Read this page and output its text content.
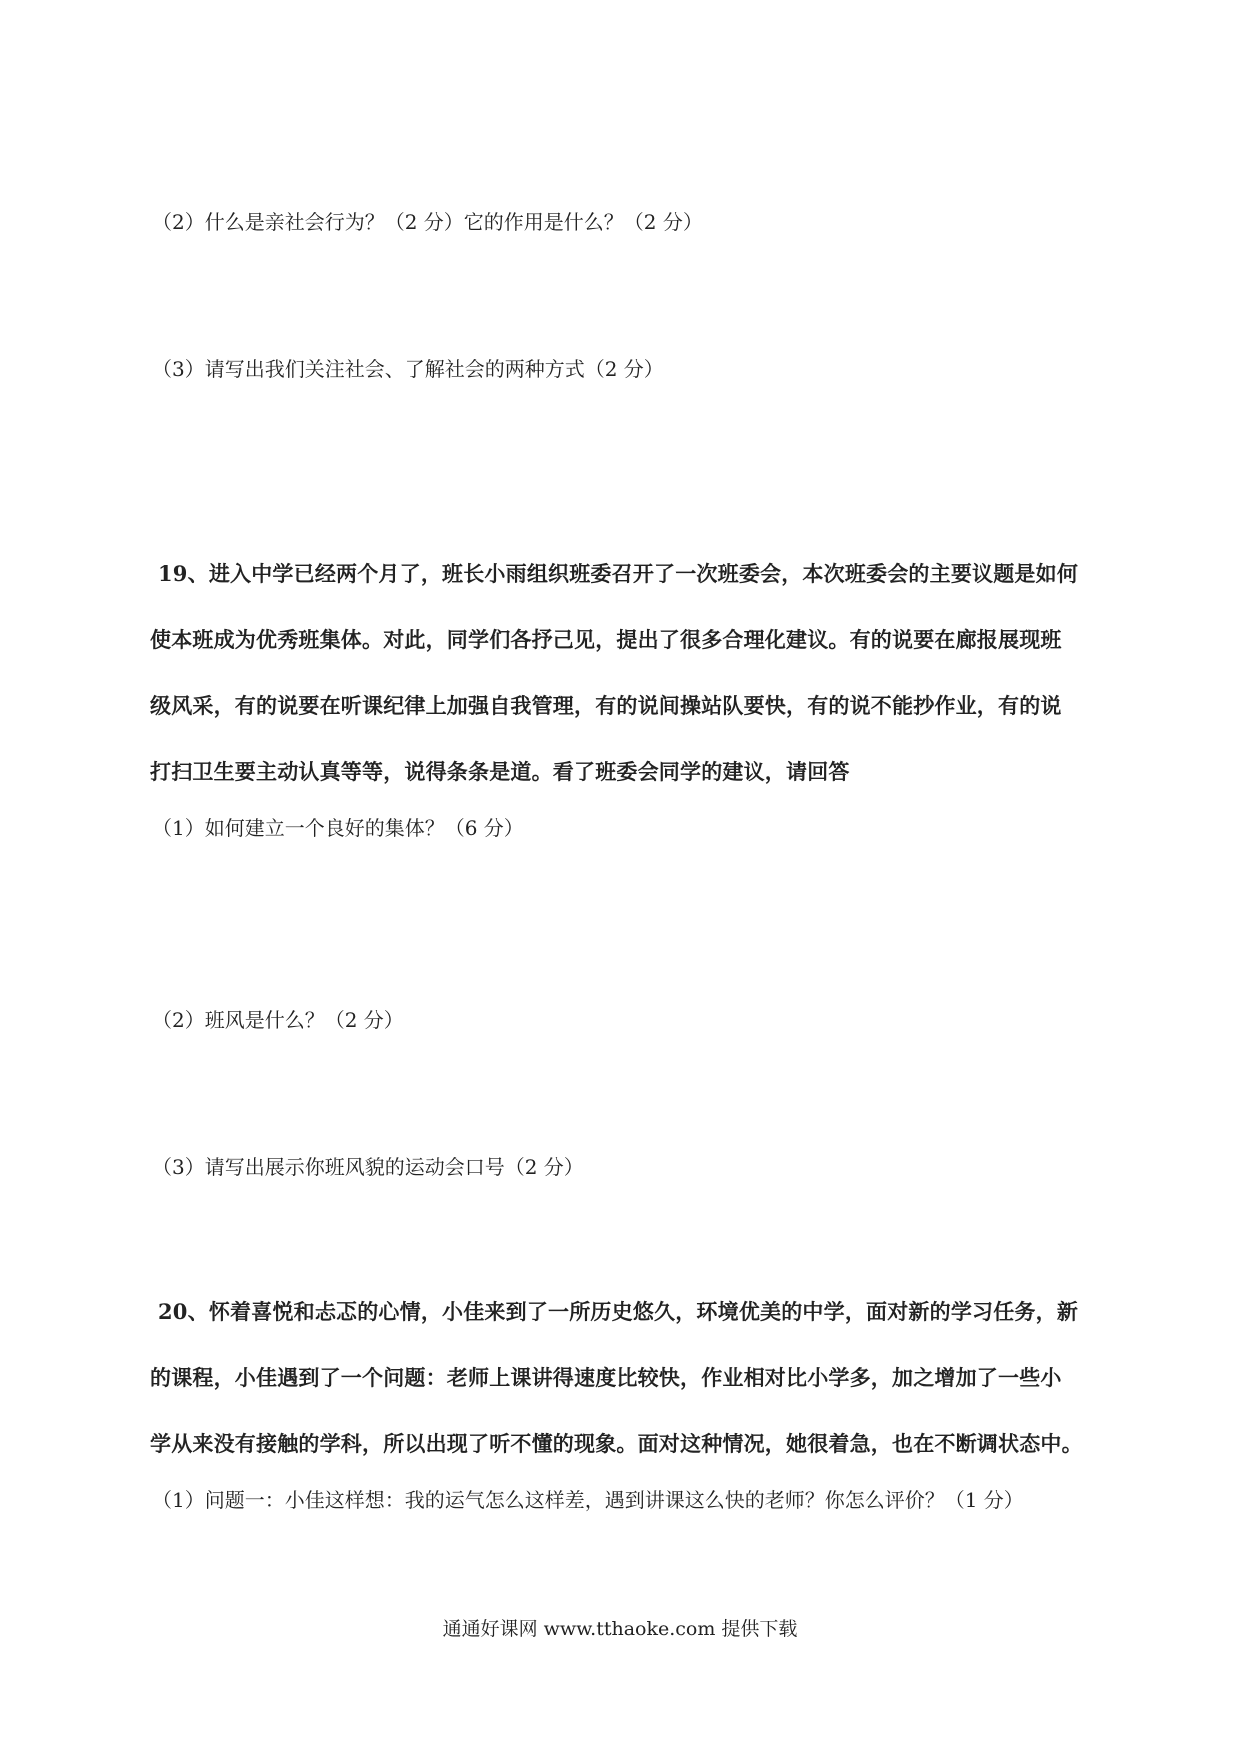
（2）什么是亲社会行为？（2 分）它的作用是什么？（2 分）
（3）请写出我们关注社会、了解社会的两种方式（2 分）
19、进入中学已经两个月了，班长小雨组织班委召开了一次班委会，本次班委会的主要议题是如何
使本班成为优秀班集体。对此，同学们各抒己见，提出了很多合理化建议。有的说要在廊报展现班
级风采，有的说要在听课纪律上加强自我管理，有的说间操站队要快，有的说不能抄作业，有的说
打扫卫生要主动认真等等，说得条条是道。看了班委会同学的建议，请回答
（1）如何建立一个良好的集体？（6 分）
（2）班风是什么？（2 分）
（3）请写出展示你班风貌的运动会口号（2 分）
20、怀着喜悦和忐忑的心情，小佳来到了一所历史悠久，环境优美的中学，面对新的学习任务，新
的课程，小佳遇到了一个问题：老师上课讲得速度比较快，作业相对比小学多，加之增加了一些小
学从来没有接触的学科，所以出现了听不懂的现象。面对这种情况，她很着急，也在不断调状态中。
（1）问题一：小佳这样想：我的运气怎么这样差，遇到讲课这么快的老师？你怎么评价？（1 分）
通通好课网 www.tthaoke.com 提供下载
